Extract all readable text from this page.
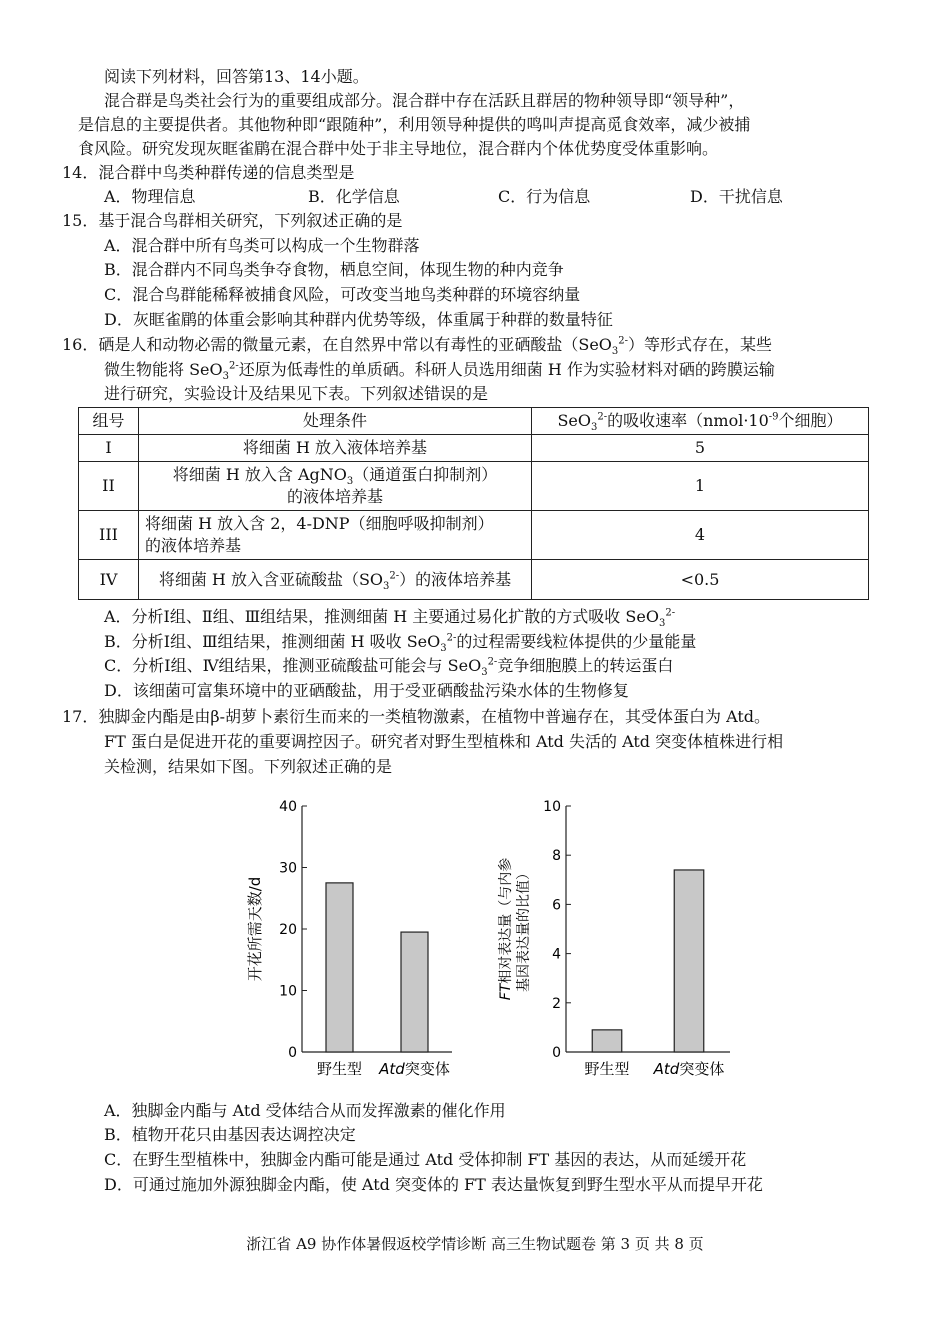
阅读下列材料，回答第13、14小题。
混合群是鸟类社会行为的重要组成部分。混合群中存在活跃且群居的物种领导即“领导种”，
是信息的主要提供者。其他物种即“跟随种”，利用领导种提供的鸣叫声提高觅食效率，减少被捕
食风险。研究发现灰眶雀鹛在混合群中处于非主导地位，混合群内个体优势度受体重影响。
14．混合群中鸟类种群传递的信息类型是
A．物理信息	B．化学信息	C．行为信息	D．干扰信息
15．基于混合鸟群相关研究，下列叙述正确的是
A．混合群中所有鸟类可以构成一个生物群落
B．混合群内不同鸟类争夺食物，栖息空间，体现生物的种内竞争
C．混合鸟群能稀释被捕食风险，可改变当地鸟类种群的环境容纳量
D．灰眶雀鹛的体重会影响其种群内优势等级，体重属于种群的数量特征
16．硒是人和动物必需的微量元素，在自然界中常以有毒性的亚硒酸盐（SeO$_3^{2-}$）等形式存在，某些
微生物能将 SeO$_3^{2-}$还原为低毒性的单质硒。科研人员选用细菌 H 作为实验材料对硒的跨膜运输
进行研究，实验设计及结果见下表。下列叙述错误的是
组号	处理条件	SeO$_3^{2-}$的吸收速率（$nmol\cdot 10^{-9}$个细胞）
I	将细菌 H 放入液体培养基	5
II	将细菌 H 放入含 AgNO$_3$（通道蛋白抑制剂）
的液体培养基	1
III	将细菌 H 放入含 2，4-DNP（细胞呼吸抑制剂）
的液体培养基	4
IV	将细菌 H 放入含亚硫酸盐$(SO_3^{2-})$的液体培养基	<0.5
A．分析Ⅰ组、Ⅱ组、Ⅲ组结果，推测细菌 H 主要通过易化扩散的方式吸收 SeO$_3^{2-}$
B．分析Ⅰ组、Ⅲ组结果，推测细菌 H 吸收 SeO$_3^{2-}$的过程需要线粒体提供的少量能量
C．分析Ⅰ组、Ⅳ组结果，推测亚硫酸盐可能会与 SeO$_3^{2-}$竞争细胞膜上的转运蛋白
D．该细菌可富集环境中的亚硒酸盐，用于受亚硒酸盐污染水体的生物修复
17．独脚金内酯是由β-胡萝卜素衍生而来的一类植物激素，在植物中普遍存在，其受体蛋白为 Atd。
FT 蛋白是促进开花的重要调控因子。研究者对野生型植株和 Atd 失活的 Atd 突变体植株进行相
关检测，结果如下图。下列叙述正确的是
0
10
20
30
40
野生型 Atd突变体
开花所需天数/d
0
2
4
6
8
10
野生型 Atd突变体
FT相对表达量（与内参 基因表达量的比值）
A．独脚金内酯与 Atd 受体结合从而发挥激素的催化作用
B．植物开花只由基因表达调控决定
C．在野生型植株中，独脚金内酯可能是通过 Atd 受体抑制 FT 基因的表达，从而延缓开花
D．可通过施加外源独脚金内酯，使 Atd 突变体的 FT 表达量恢复到野生型水平从而提早开花
浙江省 A9 协作体暑假返校学情诊断 高三生物试题卷 第 3 页 共 8 页
